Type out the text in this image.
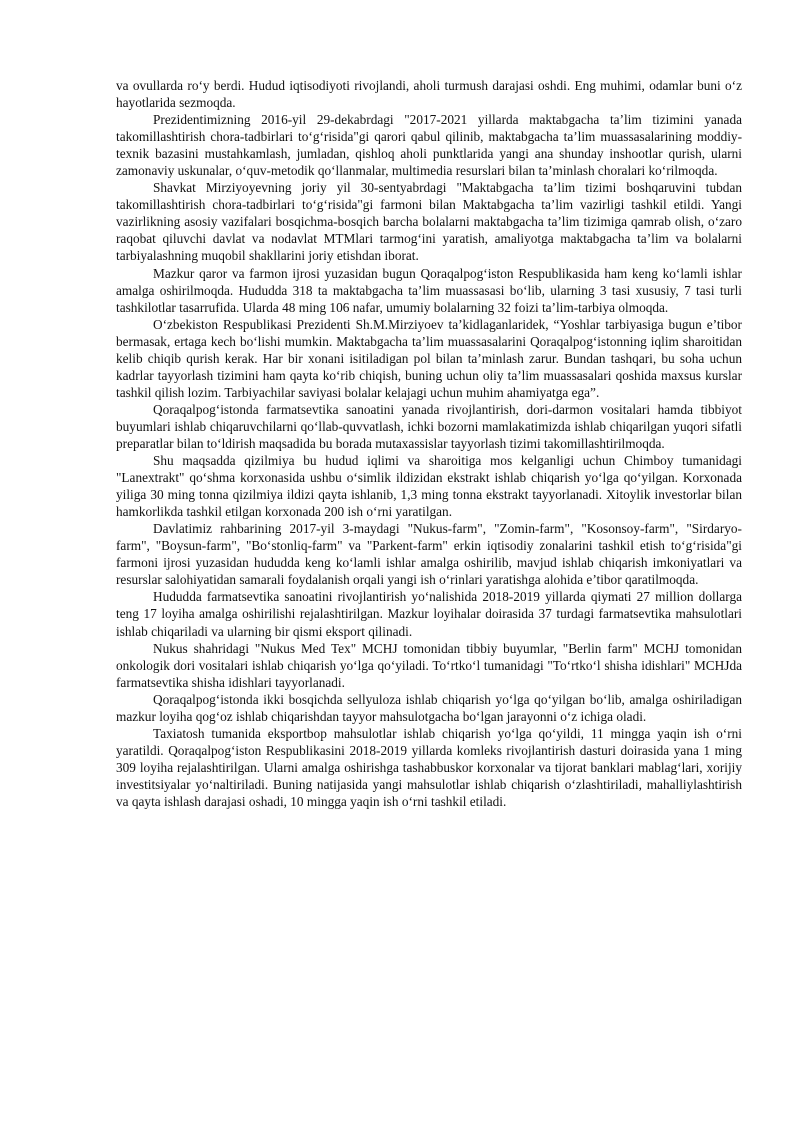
va ovullarda ro‘y berdi. Hudud iqtisodiyoti rivojlandi, aholi turmush darajasi oshdi. Eng muhimi, odamlar buni o‘z hayotlarida sezmoqda.

Prezidentimizning 2016-yil 29-dekabrdagi "2017-2021 yillarda maktabgacha ta’lim tizimini yanada takomillashtirish chora-tadbirlari to‘g‘risida"gi qarori qabul qilinib, maktabgacha ta’lim muassasalarining moddiy-texnik bazasini mustahkamlash, jumladan, qishloq aholi punktlarida yangi ana shunday inshootlar qurish, ularni zamonaviy uskunalar, o‘quv-metodik qo‘llanmalar, multimedia resurslari bilan ta’minlash choralari ko‘rilmoqda.

Shavkat Mirziyoyevning joriy yil 30-sentyabrdagi "Maktabgacha ta’lim tizimi boshqaruvini tubdan takomillashtirish chora-tadbirlari to‘g‘risida"gi farmoni bilan Maktabgacha ta’lim vazirligi tashkil etildi. Yangi vazirlikning asosiy vazifalari bosqichma-bosqich barcha bolalarni maktabgacha ta’lim tizimiga qamrab olish, o‘zaro raqobat qiluvchi davlat va nodavlat MTMlari tarmog‘ini yaratish, amaliyotga maktabgacha ta’lim va bolalarni tarbiyalashning muqobil shakllarini joriy etishdan iborat.

Mazkur qaror va farmon ijrosi yuzasidan bugun Qoraqalpog‘iston Respublikasida ham keng ko‘lamli ishlar amalga oshirilmoqda. Hududda 318 ta maktabgacha ta’lim muassasasi bo‘lib, ularning 3 tasi xususiy, 7 tasi turli tashkilotlar tasarrufida. Ularda 48 ming 106 nafar, umumiy bolalarning 32 foizi ta’lim-tarbiya olmoqda.

O‘zbekiston Respublikasi Prezidenti Sh.M.Mirziyoev ta’kidlaganlaridek, “Yoshlar tarbiyasiga bugun e’tibor bermasak, ertaga kech bo‘lishi mumkin. Maktabgacha ta’lim muassasalarini Qoraqalpog‘istonning iqlim sharoitidan kelib chiqib qurish kerak. Har bir xonani isitiladigan pol bilan ta’minlash zarur. Bundan tashqari, bu soha uchun kadrlar tayyorlash tizimini ham qayta ko‘rib chiqish, buning uchun oliy ta’lim muassasalari qoshida maxsus kurslar tashkil qilish lozim. Tarbiyachilar saviyasi bolalar kelajagi uchun muhim ahamiyatga ega”.

Qoraqalpog‘istonda farmatsevtika sanoatini yanada rivojlantirish, dori-darmon vositalari hamda tibbiyot buyumlari ishlab chiqaruvchilarni qo‘llab-quvvatlash, ichki bozorni mamlakatimizda ishlab chiqarilgan yuqori sifatli preparatlar bilan to‘ldirish maqsadida bu borada mutaxassislar tayyorlash tizimi takomillashtirilmoqda.

Shu maqsadda qizilmiya bu hudud iqlimi va sharoitiga mos kelganligi uchun Chimboy tumanidagi "Lanextrakt" qo‘shma korxonasida ushbu o‘simlik ildizidan ekstrakt ishlab chiqarish yo‘lga qo‘yilgan. Korxonada yiliga 30 ming tonna qizilmiya ildizi qayta ishlanib, 1,3 ming tonna ekstrakt tayyorlanadi. Xitoylik investorlar bilan hamkorlikda tashkil etilgan korxonada 200 ish o‘rni yaratilgan.

Davlatimiz rahbarining 2017-yil 3-maydagi "Nukus-farm", "Zomin-farm", "Kosonsoy-farm", "Sirdaryo-farm", "Boysun-farm", "Bo‘stonliq-farm" va "Parkent-farm" erkin iqtisodiy zonalarini tashkil etish to‘g‘risida"gi farmoni ijrosi yuzasidan hududda keng ko‘lamli ishlar amalga oshirilib, mavjud ishlab chiqarish imkoniyatlari va resurslar salohiyatidan samarali foydalanish orqali yangi ish o‘rinlari yaratishga alohida e’tibor qaratilmoqda.

Hududda farmatsevtika sanoatini rivojlantirish yo‘nalishida 2018-2019 yillarda qiymati 27 million dollarga teng 17 loyiha amalga oshirilishi rejalashtirilgan. Mazkur loyihalar doirasida 37 turdagi farmatsevtika mahsulotlari ishlab chiqariladi va ularning bir qismi eksport qilinadi.

Nukus shahridagi "Nukus Med Tex" MCHJ tomonidan tibbiy buyumlar, "Berlin farm" MCHJ tomonidan onkologik dori vositalari ishlab chiqarish yo‘lga qo‘yiladi. To‘rtko‘l tumanidagi "To‘rtko‘l shisha idishlari" MCHJda farmatsevtika shisha idishlari tayyorlanadi.

Qoraqalpog‘istonda ikki bosqichda sellyuloza ishlab chiqarish yo‘lga qo‘yilgan bo‘lib, amalga oshiriladigan mazkur loyiha qog‘oz ishlab chiqarishdan tayyor mahsulotgacha bo‘lgan jarayonni o‘z ichiga oladi.

Taxiatosh tumanida eksportbop mahsulotlar ishlab chiqarish yo‘lga qo‘yildi, 11 mingga yaqin ish o‘rni yaratildi. Qoraqalpog‘iston Respublikasini 2018-2019 yillarda komleks rivojlantirish dasturi doirasida yana 1 ming 309 loyiha rejalashtirilgan. Ularni amalga oshirishga tashabbuskor korxonalar va tijorat banklari mablag‘lari, xorijiy investitsiyalar yo‘naltiriladi. Buning natijasida yangi mahsulotlar ishlab chiqarish o‘zlashtiriladi, mahalliylashtirish va qayta ishlash darajasi oshadi, 10 mingga yaqin ish o‘rni tashkil etiladi.
